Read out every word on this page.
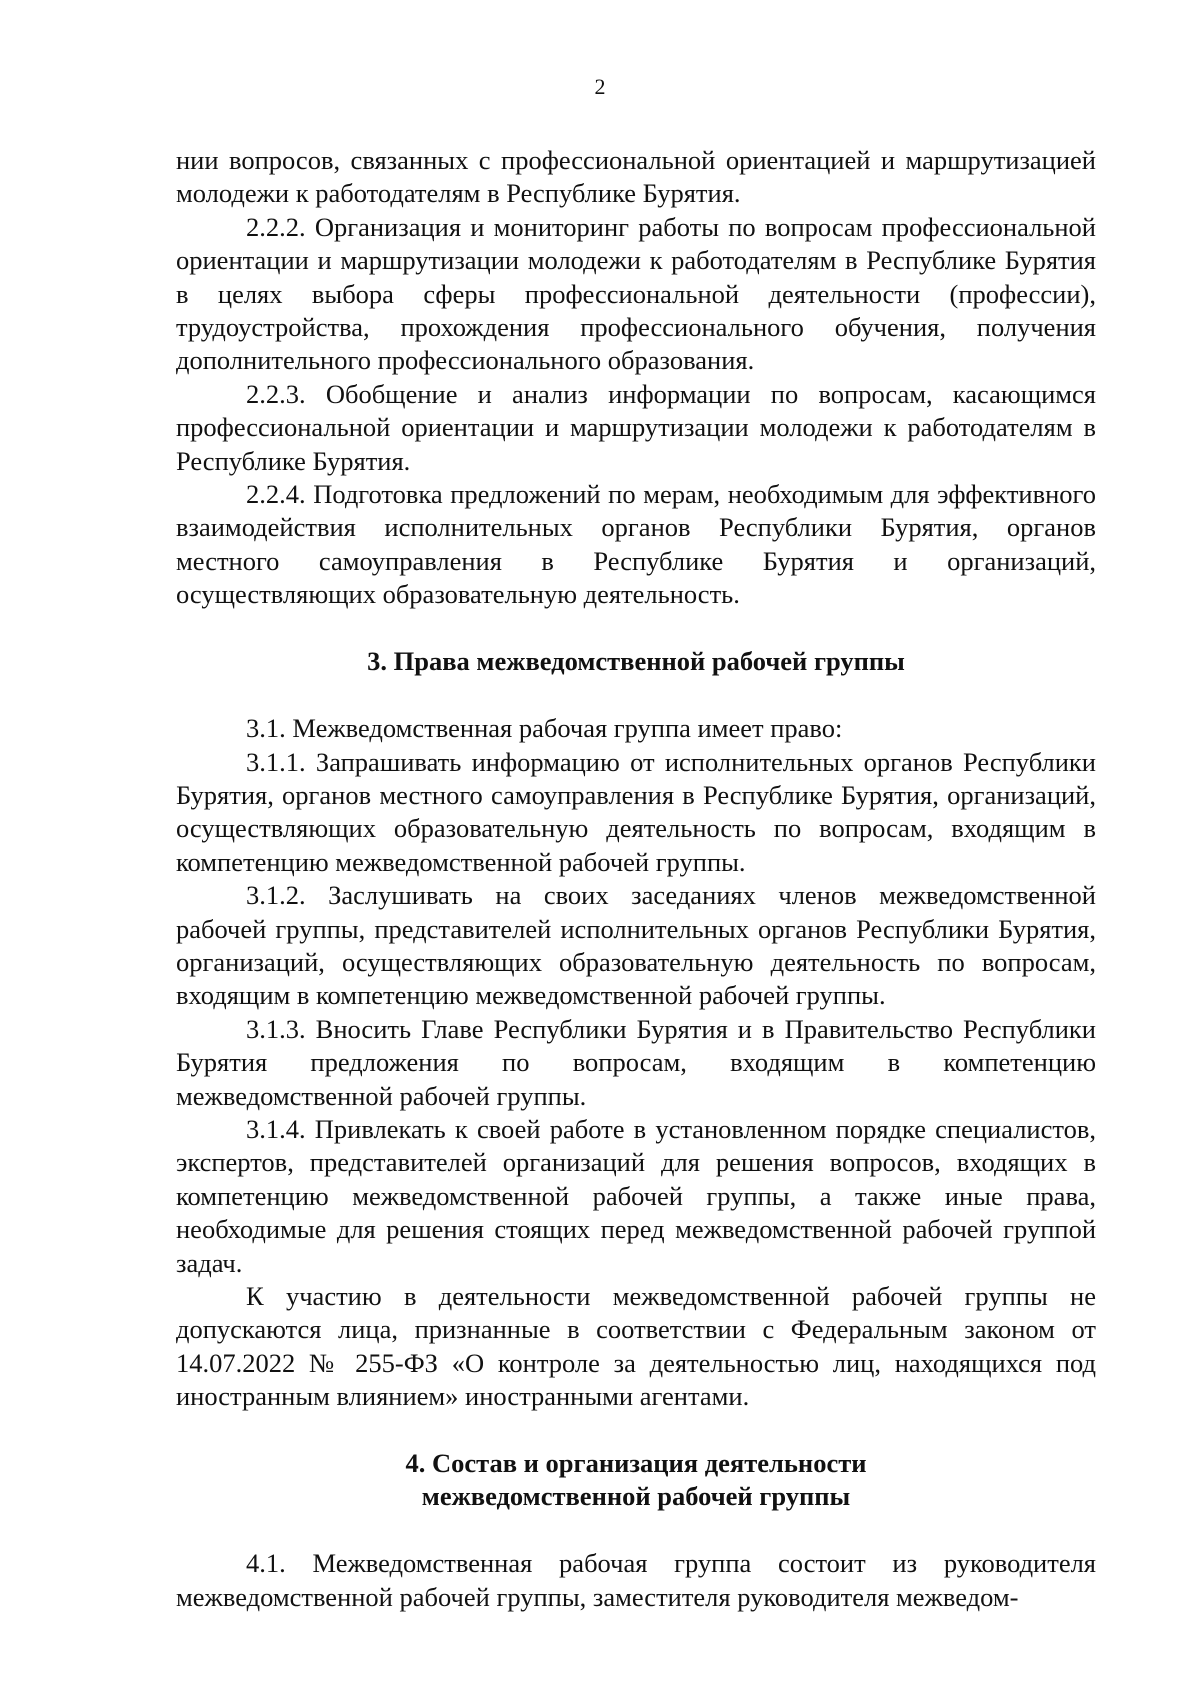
2

нии вопросов, связанных с профессиональной ориентацией и маршрутизацией молодежи к работодателям в Республике Бурятия.

2.2.2. Организация и мониторинг работы по вопросам профессиональной ориентации и маршрутизации молодежи к работодателям в Республике Бурятия в целях выбора сферы профессиональной деятельности (профессии), трудоустройства, прохождения профессионального обучения, получения дополнительного профессионального образования.

2.2.3. Обобщение и анализ информации по вопросам, касающимся профессиональной ориентации и маршрутизации молодежи к работодателям в Республике Бурятия.

2.2.4. Подготовка предложений по мерам, необходимым для эффективного взаимодействия исполнительных органов Республики Бурятия, органов местного самоуправления в Республике Бурятия и организаций, осуществляющих образовательную деятельность.

3. Права межведомственной рабочей группы

3.1. Межведомственная рабочая группа имеет право:

3.1.1. Запрашивать информацию от исполнительных органов Республики Бурятия, органов местного самоуправления в Республике Бурятия, организаций, осуществляющих образовательную деятельность по вопросам, входящим в компетенцию межведомственной рабочей группы.

3.1.2. Заслушивать на своих заседаниях членов межведомственной рабочей группы, представителей исполнительных органов Республики Бурятия, организаций, осуществляющих образовательную деятельность по вопросам, входящим в компетенцию межведомственной рабочей группы.

3.1.3. Вносить Главе Республики Бурятия и в Правительство Республики Бурятия предложения по вопросам, входящим в компетенцию межведомственной рабочей группы.

3.1.4. Привлекать к своей работе в установленном порядке специалистов, экспертов, представителей организаций для решения вопросов, входящих в компетенцию межведомственной рабочей группы, а также иные права, необходимые для решения стоящих перед межведомственной рабочей группой задач.

К участию в деятельности межведомственной рабочей группы не допускаются лица, признанные в соответствии с Федеральным законом от 14.07.2022 № 255-ФЗ «О контроле за деятельностью лиц, находящихся под иностранным влиянием» иностранными агентами.

4. Состав и организация деятельности
межведомственной рабочей группы

4.1. Межведомственная рабочая группа состоит из руководителя межведомственной рабочей группы, заместителя руководителя межведом-
